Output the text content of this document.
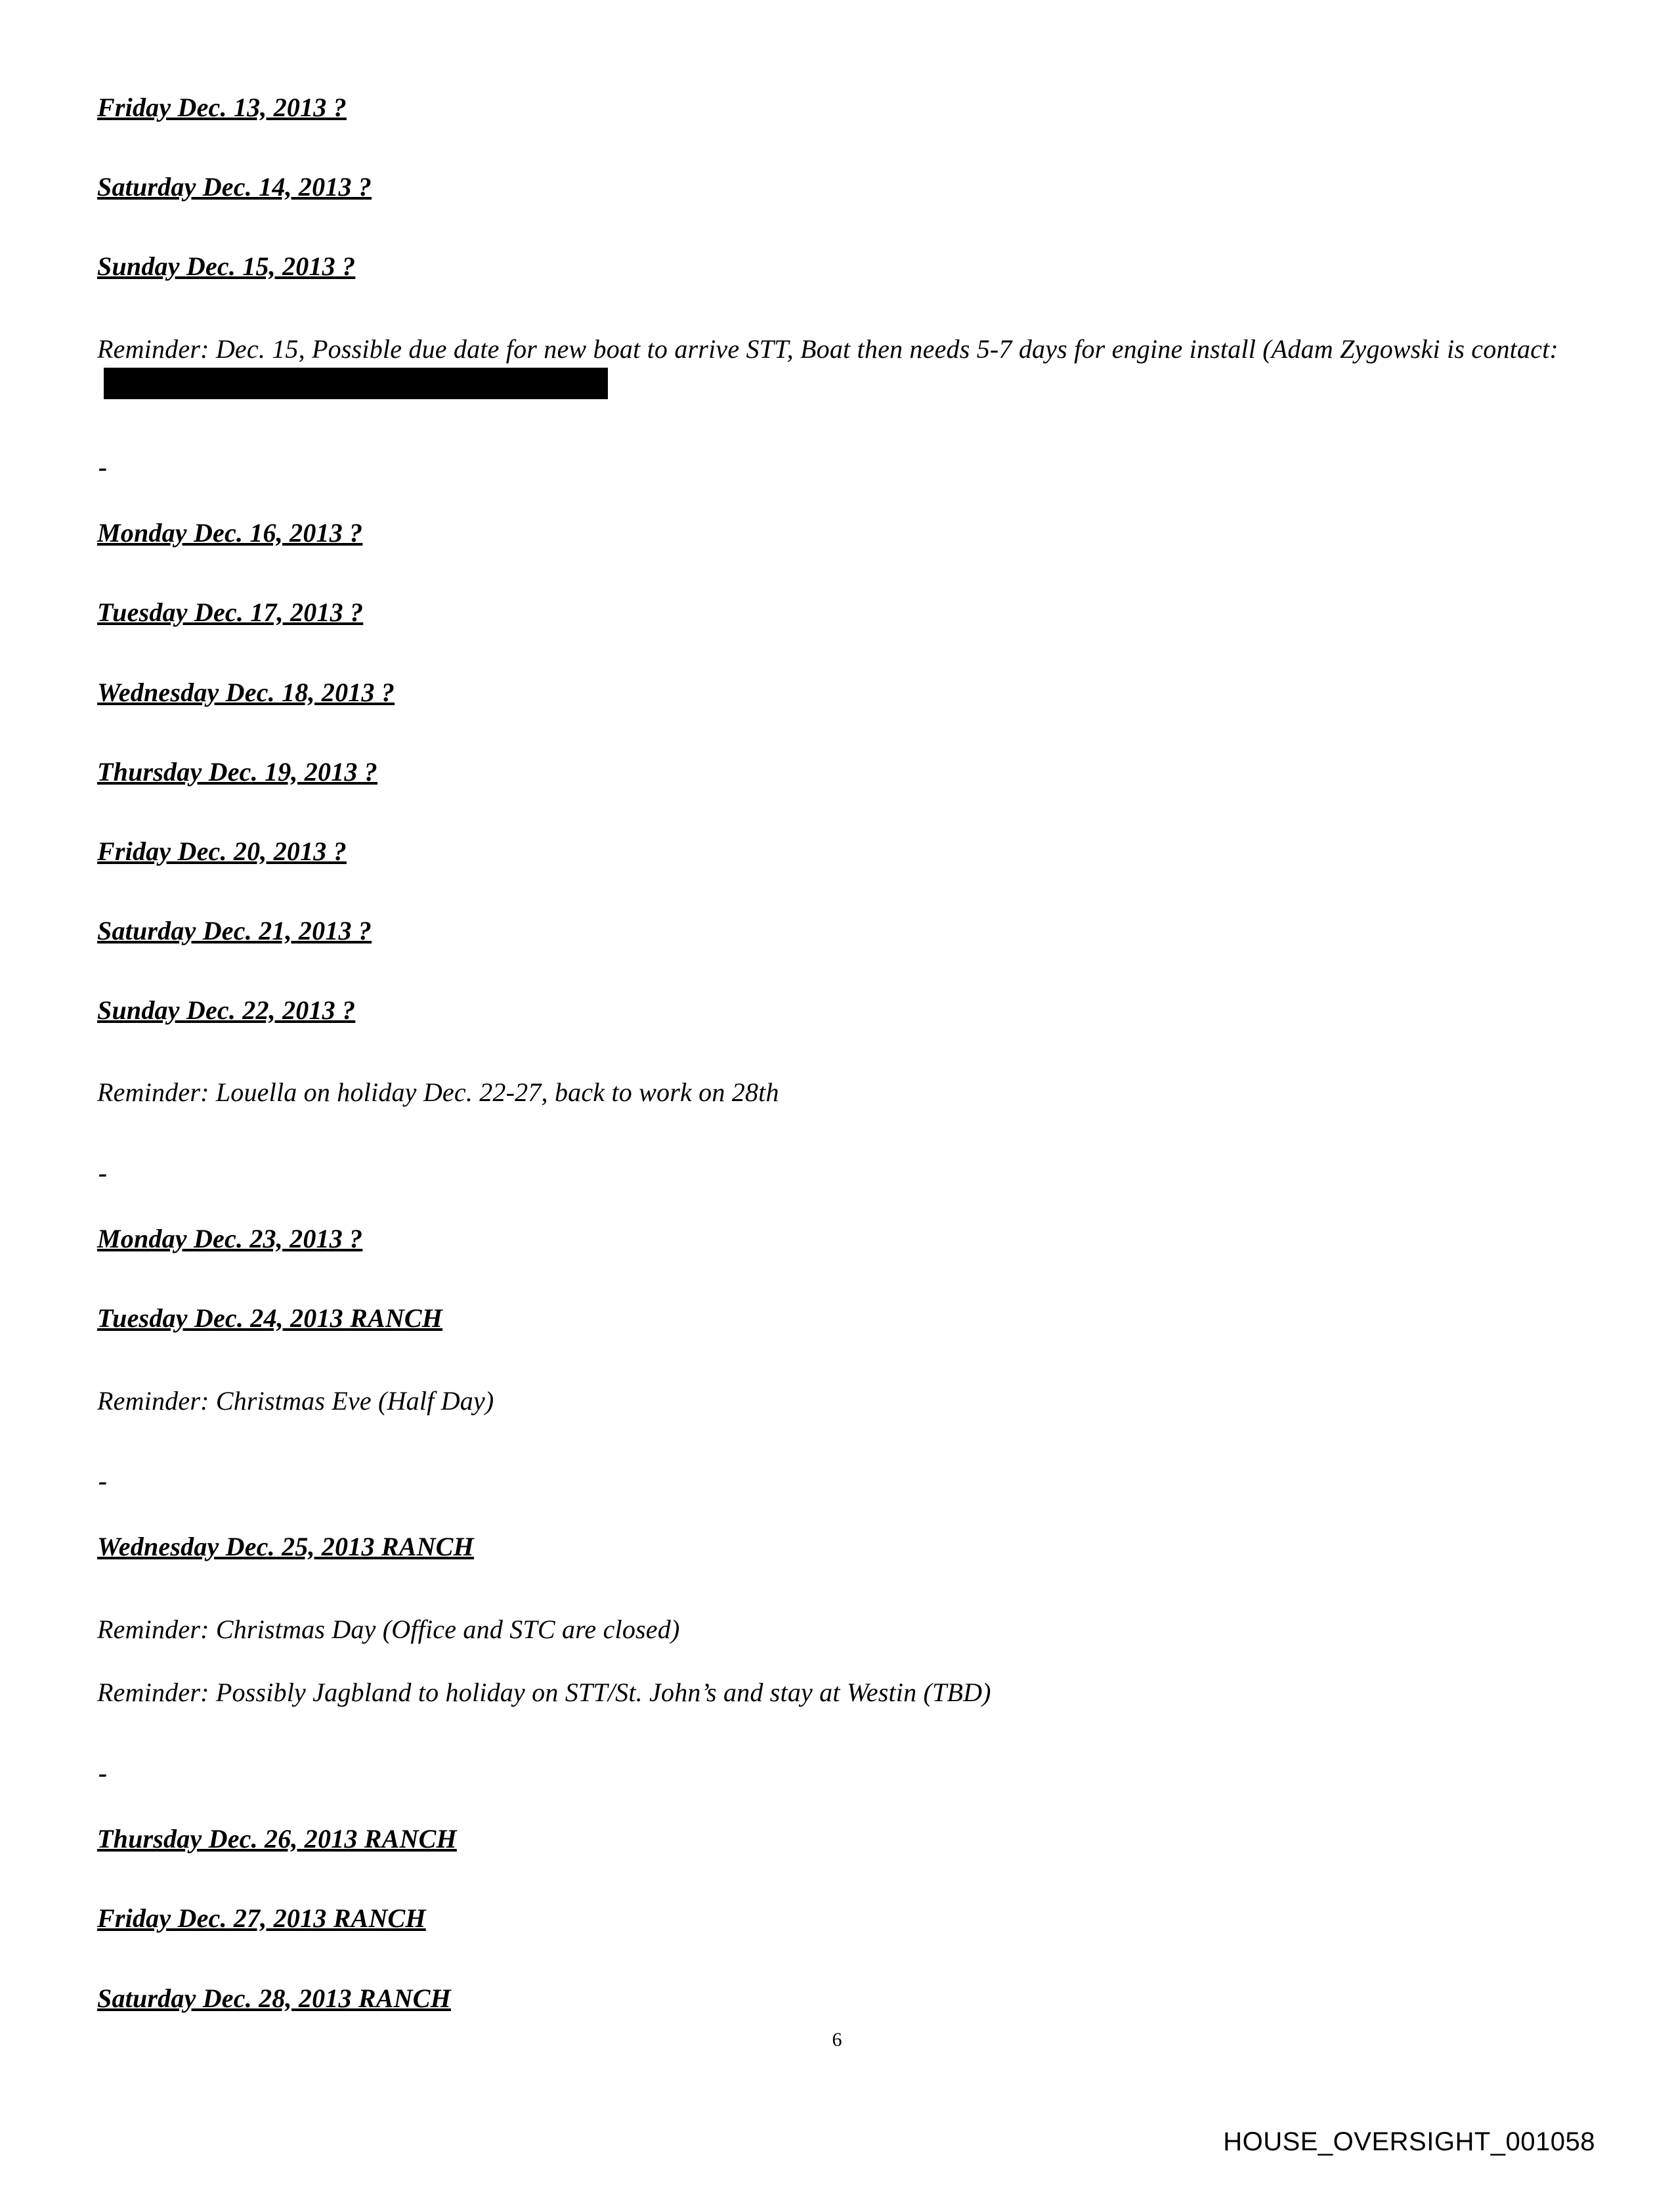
Friday Dec. 13, 2013 ?

Saturday Dec. 14, 2013 ?

Sunday Dec. 15, 2013 ?

Reminder: Dec. 15, Possible due date for new boat to arrive STT, Boat then needs 5-7 days for engine install (Adam Zygowski is contact:

-

Monday Dec. 16, 2013 ?

Tuesday Dec. 17, 2013 ?

Wednesday Dec. 18, 2013 ?

Thursday Dec. 19, 2013 ?

Friday Dec. 20, 2013 ?

Saturday Dec. 21, 2013 ?

Sunday Dec. 22, 2013 ?

Reminder: Louella on holiday Dec. 22-27, back to work on 28th

-

Monday Dec. 23, 2013 ?

Tuesday Dec. 24, 2013 RANCH

Reminder: Christmas Eve (Half Day)

-

Wednesday Dec. 25, 2013 RANCH

Reminder: Christmas Day (Office and STC are closed)

Reminder: Possibly Jagbland to holiday on STT/St. John’s and stay at Westin (TBD)

-

Thursday Dec. 26, 2013 RANCH

Friday Dec. 27, 2013 RANCH

Saturday Dec. 28, 2013 RANCH

6
HOUSE_OVERSIGHT_001058
